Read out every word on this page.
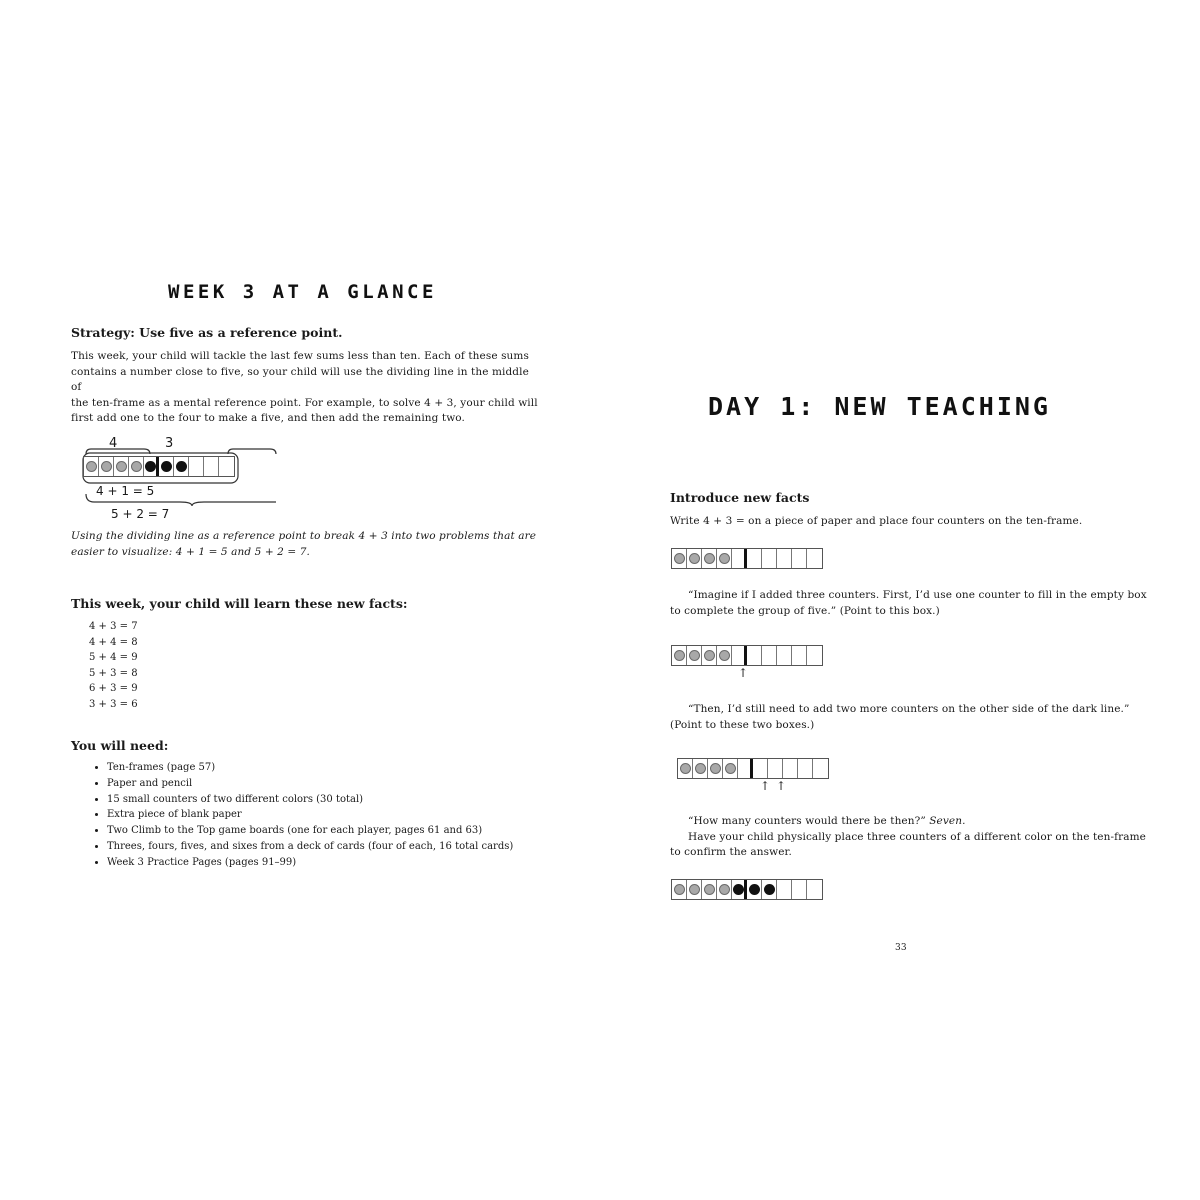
WEEK 3 AT A GLANCE
Strategy: Use five as a reference point.
This week, your child will tackle the last few sums less than ten. Each of these sums
contains a number close to five, so your child will use the dividing line in the middle of
the ten-frame as a mental reference point. For example, to solve 4 + 3, your child will
first add one to the four to make a five, and then add the remaining two.
4	3
4 + 1 = 5
5 + 2 = 7
Using the dividing line as a reference point to break 4 + 3 into two problems that are
easier to visualize: 4 + 1 = 5 and 5 + 2 = 7.
This week, your child will learn these new facts:
4 + 3 = 7
4 + 4 = 8
5 + 4 = 9
5 + 3 = 8
6 + 3 = 9
3 + 3 = 6
You will need:
• Ten-frames (page 57)
• Paper and pencil
• 15 small counters of two different colors (30 total)
• Extra piece of blank paper
• Two Climb to the Top game boards (one for each player, pages 61 and 63)
• Threes, fours, fives, and sixes from a deck of cards (four of each, 16 total cards)
• Week 3 Practice Pages (pages 91–99)
DAY 1: NEW TEACHING
Introduce new facts
Write 4 + 3 = on a piece of paper and place four counters on the ten-frame.
“Imagine if I added three counters. First, I’d use one counter to fill in the empty box
to complete the group of five.” (Point to this box.)
↑
“Then, I’d still need to add two more counters on the other side of the dark line.”
(Point to these two boxes.)
↑ ↑
“How many counters would there be then?” Seven.
Have your child physically place three counters of a different color on the ten-frame
to confirm the answer.
33
